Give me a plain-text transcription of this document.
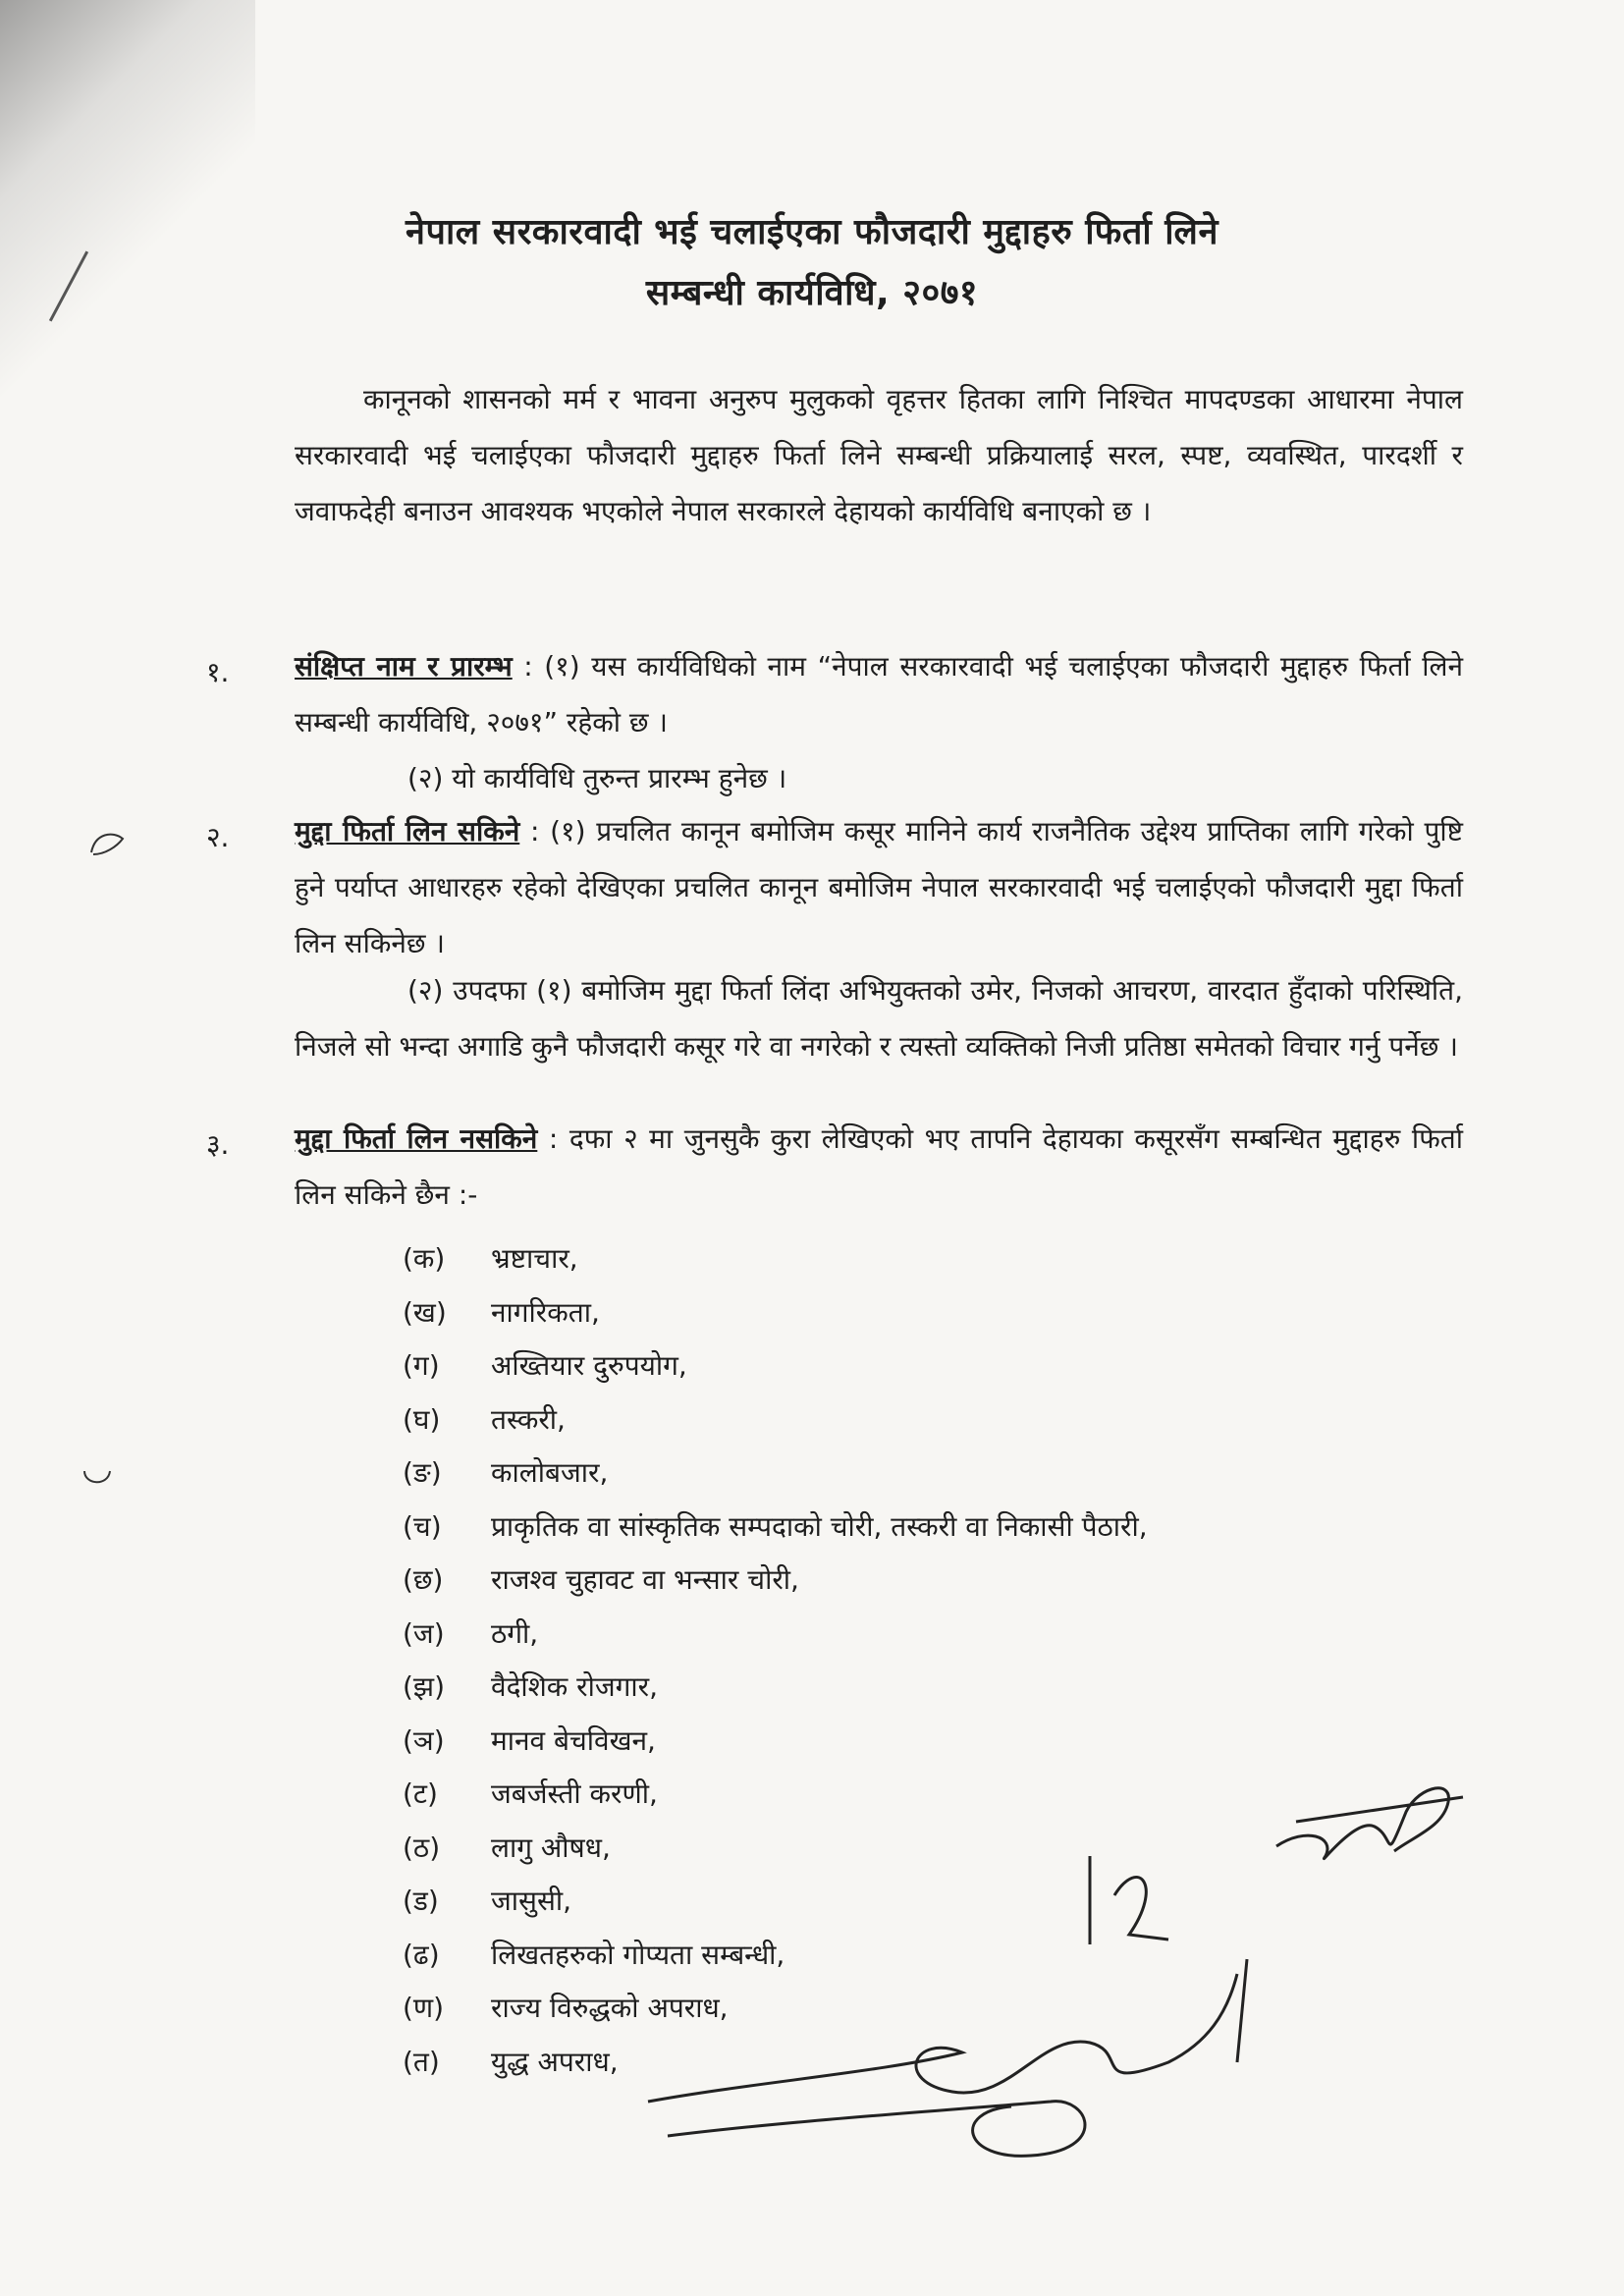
नेपाल सरकारवादी भई चलाईएका फौजदारी मुद्दाहरु फिर्ता लिने
सम्बन्धी कार्यविधि, २०७१
कानूनको शासनको मर्म र भावना अनुरुप मुलुकको वृहत्तर हितका लागि निश्चित मापदण्डका आधारमा नेपाल सरकारवादी भई चलाईएका फौजदारी मुद्दाहरु फिर्ता लिने सम्बन्धी प्रक्रियालाई सरल, स्पष्ट, व्यवस्थित, पारदर्शी र जवाफदेही बनाउन आवश्यक भएकोले नेपाल सरकारले देहायको कार्यविधि बनाएको छ ।
१. संक्षिप्त नाम र प्रारम्भ : (१) यस कार्यविधिको नाम “नेपाल सरकारवादी भई चलाईएका फौजदारी मुद्दाहरु फिर्ता लिने सम्बन्धी कार्यविधि, २०७१” रहेको छ ।
(२) यो कार्यविधि तुरुन्त प्रारम्भ हुनेछ ।
२. मुद्दा फिर्ता लिन सकिने : (१) प्रचलित कानून बमोजिम कसूर मानिने कार्य राजनैतिक उद्देश्य प्राप्तिका लागि गरेको पुष्टि हुने पर्याप्त आधारहरु रहेको देखिएका प्रचलित कानून बमोजिम नेपाल सरकारवादी भई चलाईएको फौजदारी मुद्दा फिर्ता लिन सकिनेछ ।
(२) उपदफा (१) बमोजिम मुद्दा फिर्ता लिंदा अभियुक्तको उमेर, निजको आचरण, वारदात हुँदाको परिस्थिति, निजले सो भन्दा अगाडि कुनै फौजदारी कसूर गरे वा नगरेको र त्यस्तो व्यक्तिको निजी प्रतिष्ठा समेतको विचार गर्नु पर्नेछ ।
३. मुद्दा फिर्ता लिन नसकिने : दफा २ मा जुनसुकै कुरा लेखिएको भए तापनि देहायका कसूरसँग सम्बन्धित मुद्दाहरु फिर्ता लिन सकिने छैन :-
(क)	भ्रष्टाचार,
(ख)	नागरिकता,
(ग)	अख्तियार दुरुपयोग,
(घ)	तस्करी,
(ङ)	कालोबजार,
(च)	प्राकृतिक वा सांस्कृतिक सम्पदाको चोरी, तस्करी वा निकासी पैठारी,
(छ)	राजश्व चुहावट वा भन्सार चोरी,
(ज)	ठगी,
(झ)	वैदेशिक रोजगार,
(ञ)	मानव बेचविखन,
(ट)	जबर्जस्ती करणी,
(ठ)	लागु औषध,
(ड)	जासुसी,
(ढ)	लिखतहरुको गोप्यता सम्बन्धी,
(ण)	राज्य विरुद्धको अपराध,
(त)	युद्ध अपराध,
